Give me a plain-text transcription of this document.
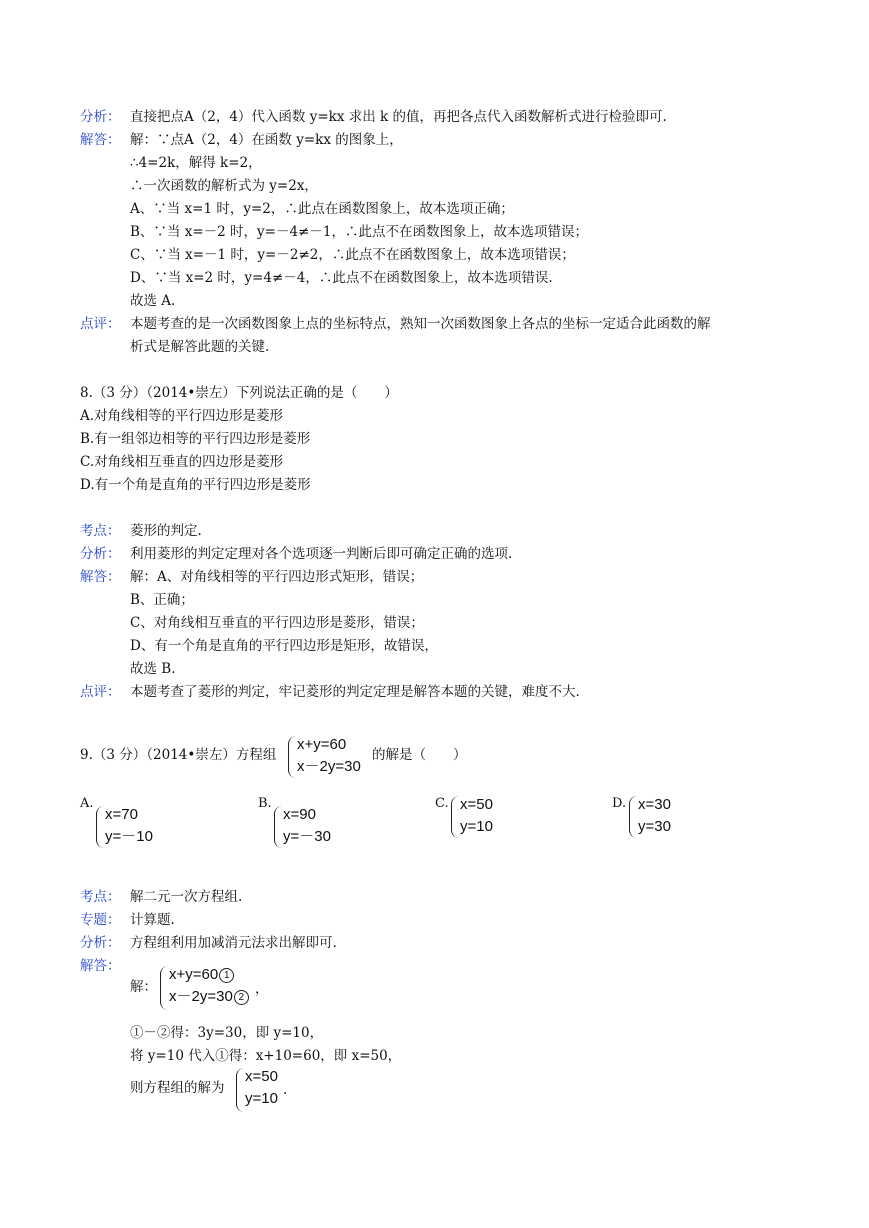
分析： 直接把点A（2，4）代入函数 y=kx 求出 k 的值，再把各点代入函数解析式进行检验即可.
解答： 解：∵点A（2，4）在函数 y=kx 的图象上，
∴4=2k，解得 k=2，
∴一次函数的解析式为 y=2x，
A、∵当 x=1 时，y=2，∴此点在函数图象上，故本选项正确；
B、∵当 x=－2 时，y=－4≠－1，∴此点不在函数图象上，故本选项错误；
C、∵当 x=－1 时，y=－2≠2，∴此点不在函数图象上，故本选项错误；
D、∵当 x=2 时，y=4≠－4，∴此点不在函数图象上，故本选项错误.
故选 A.
点评： 本题考查的是一次函数图象上点的坐标特点，熟知一次函数图象上各点的坐标一定适合此函数的解
析式是解答此题的关键.
8.（3 分）（2014•崇左）下列说法正确的是（　　）
A.对角线相等的平行四边形是菱形
B.有一组邻边相等的平行四边形是菱形
C.对角线相互垂直的四边形是菱形
D.有一个角是直角的平行四边形是菱形
考点： 菱形的判定.
分析： 利用菱形的判定定理对各个选项逐一判断后即可确定正确的选项.
解答： 解：A、对角线相等的平行四边形式矩形，错误；
B、正确；
C、对角线相互垂直的平行四边形是菱形，错误；
D、有一个角是直角的平行四边形是矩形，故错误，
故选 B.
点评： 本题考查了菱形的判定，牢记菱形的判定定理是解答本题的关键，难度不大.
9.（3 分）（2014•崇左）方程组
x+y=60
x－2y=30
的解是（　　）
A.
x=70
y=－10
B.
x=90
y=－30
C. x=50
y=10
D. x=30
y=30
考点： 解二元一次方程组.
专题： 计算题.
分析： 方程组利用加减消元法求出解即可.
解答：
解：
x+y=60 1
x－2y=30 2
，
①－②得：3y=30，即 y=10，
将 y=10 代入①得：x+10=60，即 x=50，
则方程组的解为
x=50
y=10 .
